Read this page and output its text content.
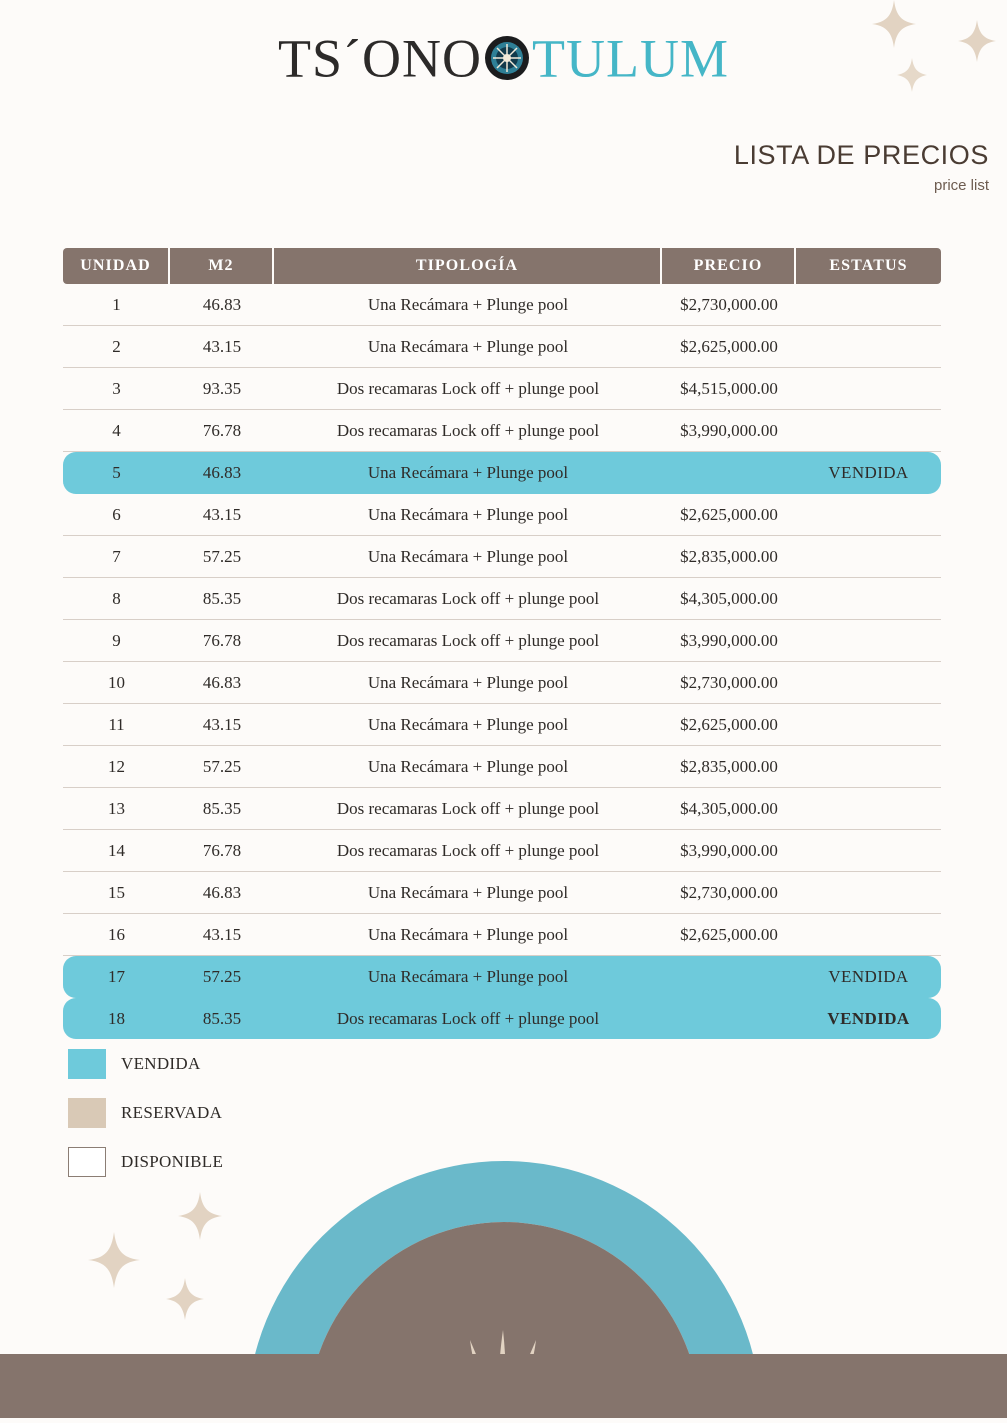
TS´ONO TULUM
LISTA DE PRECIOS
price list
UNIDAD	M2	TIPOLOGÍA	PRECIO	ESTATUS
1	46.83	Una Recámara + Plunge pool	$2,730,000.00	
2	43.15	Una Recámara + Plunge pool	$2,625,000.00	
3	93.35	Dos recamaras Lock off + plunge pool	$4,515,000.00	
4	76.78	Dos recamaras Lock off + plunge pool	$3,990,000.00	
5	46.83	Una Recámara + Plunge pool		VENDIDA
6	43.15	Una Recámara + Plunge pool	$2,625,000.00	
7	57.25	Una Recámara + Plunge pool	$2,835,000.00	
8	85.35	Dos recamaras Lock off + plunge pool	$4,305,000.00	
9	76.78	Dos recamaras Lock off + plunge pool	$3,990,000.00	
10	46.83	Una Recámara + Plunge pool	$2,730,000.00	
11	43.15	Una Recámara + Plunge pool	$2,625,000.00	
12	57.25	Una Recámara + Plunge pool	$2,835,000.00	
13	85.35	Dos recamaras Lock off + plunge pool	$4,305,000.00	
14	76.78	Dos recamaras Lock off + plunge pool	$3,990,000.00	
15	46.83	Una Recámara + Plunge pool	$2,730,000.00	
16	43.15	Una Recámara + Plunge pool	$2,625,000.00	
17	57.25	Una Recámara + Plunge pool		VENDIDA
18	85.35	Dos recamaras Lock off + plunge pool		VENDIDA
VENDIDA
RESERVADA
DISPONIBLE
